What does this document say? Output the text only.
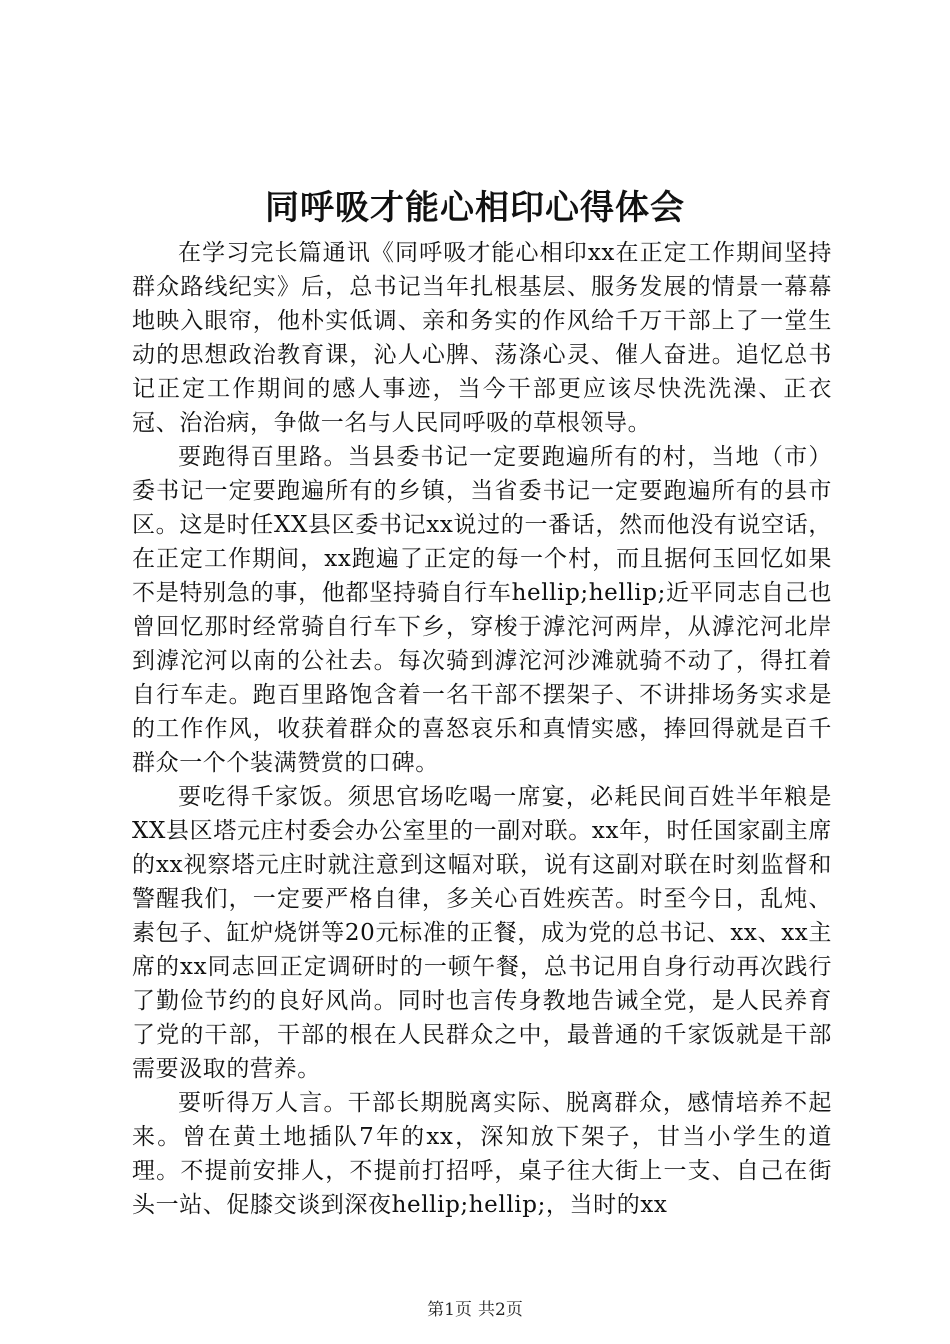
同呼吸才能心相印心得体会

在学习完长篇通讯《同呼吸才能心相印xx在正定工作期间坚持群众路线纪实》后，总书记当年扎根基层、服务发展的情景一幕幕地映入眼帘，他朴实低调、亲和务实的作风给千万干部上了一堂生动的思想政治教育课，沁人心脾、荡涤心灵、催人奋进。追忆总书记正定工作期间的感人事迹，当今干部更应该尽快洗洗澡、正衣冠、治治病，争做一名与人民同呼吸的草根领导。

要跑得百里路。当县委书记一定要跑遍所有的村，当地（市）委书记一定要跑遍所有的乡镇，当省委书记一定要跑遍所有的县市区。这是时任XX县区委书记xx说过的一番话，然而他没有说空话，在正定工作期间，xx跑遍了正定的每一个村，而且据何玉回忆如果不是特别急的事，他都坚持骑自行车hellip;hellip;近平同志自己也曾回忆那时经常骑自行车下乡，穿梭于滹沱河两岸，从滹沱河北岸到滹沱河以南的公社去。每次骑到滹沱河沙滩就骑不动了，得扛着自行车走。跑百里路饱含着一名干部不摆架子、不讲排场务实求是的工作作风，收获着群众的喜怒哀乐和真情实感，捧回得就是百千群众一个个装满赞赏的口碑。

要吃得千家饭。须思官场吃喝一席宴，必耗民间百姓半年粮是XX县区塔元庄村委会办公室里的一副对联。xx年，时任国家副主席的xx视察塔元庄时就注意到这幅对联，说有这副对联在时刻监督和警醒我们，一定要严格自律，多关心百姓疾苦。时至今日，乱炖、素包子、缸炉烧饼等20元标准的正餐，成为党的总书记、xx、xx主席的xx同志回正定调研时的一顿午餐，总书记用自身行动再次践行了勤俭节约的良好风尚。同时也言传身教地告诫全党，是人民养育了党的干部，干部的根在人民群众之中，最普通的千家饭就是干部需要汲取的营养。

要听得万人言。干部长期脱离实际、脱离群众，感情培养不起来。曾在黄土地插队7年的xx，深知放下架子，甘当小学生的道理。不提前安排人，不提前打招呼，桌子往大街上一支、自己在街头一站、促膝交谈到深夜hellip;hellip;，当时的xx

第1页 共2页
